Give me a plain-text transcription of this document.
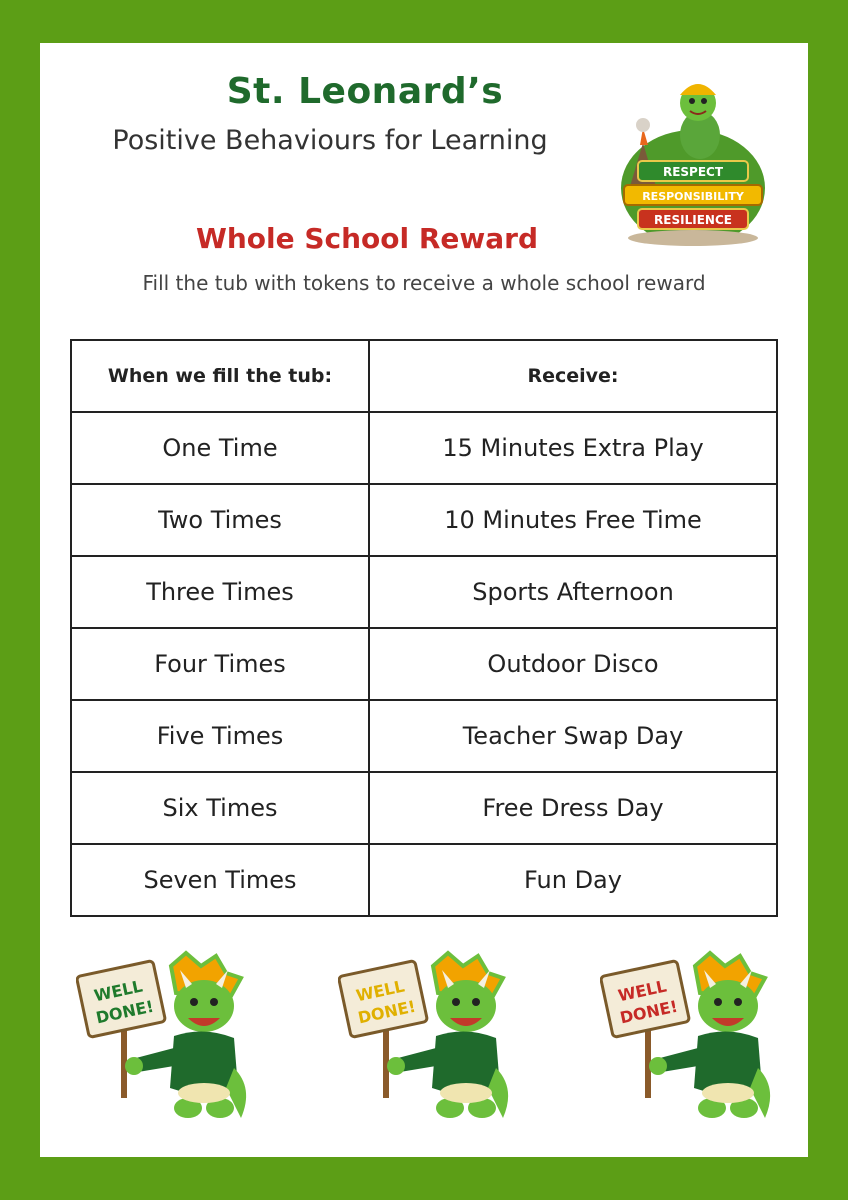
St. Leonard’s
Positive Behaviours for Learning
RESPECT
RESPONSIBILITY
RESILIENCE
Whole School Reward
Fill the tub with tokens to receive a whole school reward
When we fill the tub:	Receive:
One Time	15 Minutes Extra Play
Two Times	10 Minutes Free Time
Three Times	Sports Afternoon
Four Times	Outdoor Disco
Five Times	Teacher Swap Day
Six Times	Free Dress Day
Seven Times	Fun Day
WELL
DONE!
WELL
DONE!
WELL
DONE!
